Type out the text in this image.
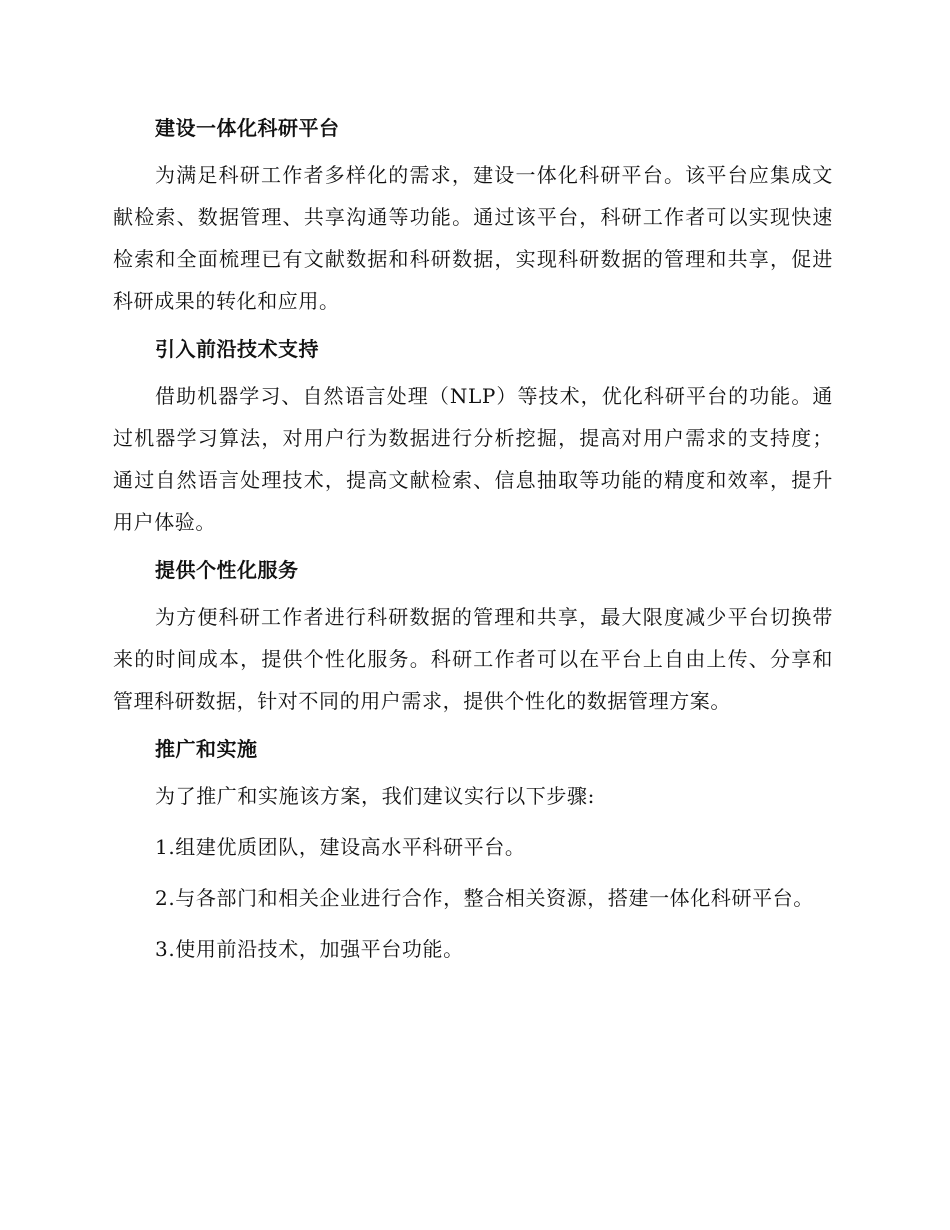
建设一体化科研平台

为满足科研工作者多样化的需求，建设一体化科研平台。该平台应集成文献检索、数据管理、共享沟通等功能。通过该平台，科研工作者可以实现快速检索和全面梳理已有文献数据和科研数据，实现科研数据的管理和共享，促进科研成果的转化和应用。

引入前沿技术支持

借助机器学习、自然语言处理（NLP）等技术，优化科研平台的功能。通过机器学习算法，对用户行为数据进行分析挖掘，提高对用户需求的支持度；通过自然语言处理技术，提高文献检索、信息抽取等功能的精度和效率，提升用户体验。

提供个性化服务

为方便科研工作者进行科研数据的管理和共享，最大限度减少平台切换带来的时间成本，提供个性化服务。科研工作者可以在平台上自由上传、分享和管理科研数据，针对不同的用户需求，提供个性化的数据管理方案。

推广和实施

为了推广和实施该方案，我们建议实行以下步骤:

1.组建优质团队，建设高水平科研平台。

2.与各部门和相关企业进行合作，整合相关资源，搭建一体化科研平台。

3.使用前沿技术，加强平台功能。
